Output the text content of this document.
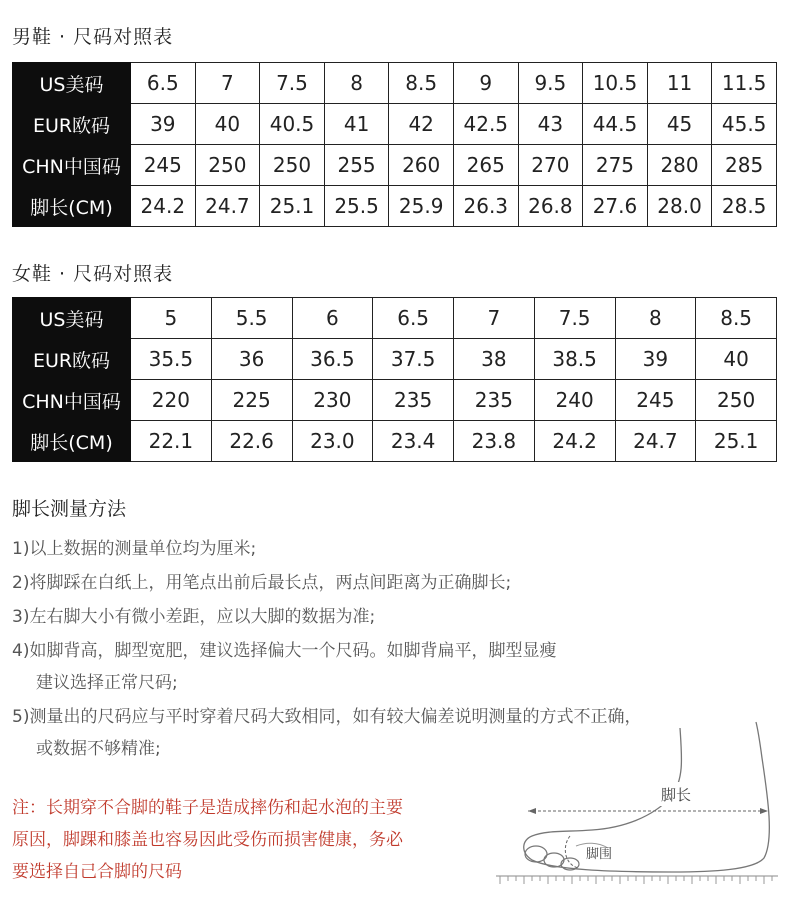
男鞋 · 尺码对照表
US美码	6.5	7	7.5	8	8.5	9	9.5	10.5	11	11.5
EUR欧码	39	40	40.5	41	42	42.5	43	44.5	45	45.5
CHN中国码	245	250	250	255	260	265	270	275	280	285
脚长(CM)	24.2	24.7	25.1	25.5	25.9	26.3	26.8	27.6	28.0	28.5
女鞋 · 尺码对照表
US美码	5	5.5	6	6.5	7	7.5	8	8.5
EUR欧码	35.5	36	36.5	37.5	38	38.5	39	40
CHN中国码	220	225	230	235	235	240	245	250
脚长(CM)	22.1	22.6	23.0	23.4	23.8	24.2	24.7	25.1
脚长测量方法
1)以上数据的测量单位均为厘米;
2)将脚踩在白纸上，用笔点出前后最长点，两点间距离为正确脚长;
3)左右脚大小有微小差距，应以大脚的数据为准;
4)如脚背高，脚型宽肥，建议选择偏大一个尺码。如脚背扁平，脚型显瘦
建议选择正常尺码;
5)测量出的尺码应与平时穿着尺码大致相同，如有较大偏差说明测量的方式不正确，
或数据不够精准;
注：长期穿不合脚的鞋子是造成摔伤和起水泡的主要
原因，脚踝和膝盖也容易因此受伤而损害健康，务必
要选择自己合脚的尺码
脚长
脚围
